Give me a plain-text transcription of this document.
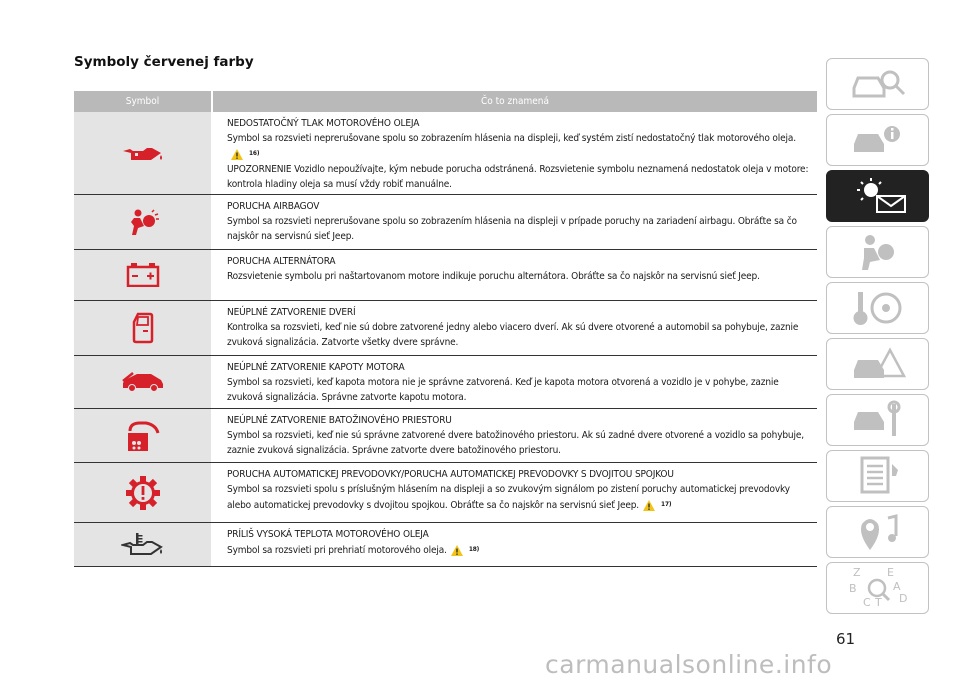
Symboly červenej farby
Symbol	Čo to znamená
NEDOSTATOČNÝ TLAK MOTOROVÉHO OLEJA
Symbol sa rozsvieti neprerušovane spolu so zobrazením hlásenia na displeji, keď systém zistí nedostatočný tlak motorového oleja.$^{16)}$
UPOZORNENIE Vozidlo nepoužívajte, kým nebude porucha odstránená. Rozsvietenie symbolu neznamená nedostatok oleja v motore: kontrola hladiny oleja sa musí vždy robiť manuálne.
PORUCHA AIRBAGOV
Symbol sa rozsvieti neprerušovane spolu so zobrazením hlásenia na displeji v prípade poruchy na zariadení airbagu. Obráťte sa čo najskôr na servisnú sieť Jeep.
PORUCHA ALTERNÁTORA
Rozsvietenie symbolu pri naštartovanom motore indikuje poruchu alternátora. Obráťte sa čo najskôr na servisnú sieť Jeep.
NEÚPLNÉ ZATVORENIE DVERÍ
Kontrolka sa rozsvieti, keď nie sú dobre zatvorené jedny alebo viacero dverí. Ak sú dvere otvorené a automobil sa pohybuje, zaznie zvuková signalizácia. Zatvorte všetky dvere správne.
NEÚPLNÉ ZATVORENIE KAPOTY MOTORA
Symbol sa rozsvieti, keď kapota motora nie je správne zatvorená. Keď je kapota motora otvorená a vozidlo je v pohybe, zaznie zvuková signalizácia. Správne zatvorte kapotu motora.
NEÚPLNÉ ZATVORENIE BATOŽINOVÉHO PRIESTORU
Symbol sa rozsvieti, keď nie sú správne zatvorené dvere batožinového priestoru. Ak sú zadné dvere otvorené a vozidlo sa pohybuje, zaznie zvuková signalizácia. Správne zatvorte dvere batožinového priestoru.
PORUCHA AUTOMATICKEJ PREVODOVKY/PORUCHA AUTOMATICKEJ PREVODOVKY S DVOJITOU SPOJKOU
Symbol sa rozsvieti spolu s príslušným hlásením na displeji a so zvukovým signálom po zistení poruchy automatickej prevodovky alebo automatickej prevodovky s dvojitou spojkou. Obráťte sa čo najskôr na servisnú sieť Jeep.	$^{17)}$
PRÍLIŠ VYSOKÁ TEPLOTA MOTOROVÉHO OLEJA
Symbol sa rozsvieti pri prehriatí motorového oleja.	$^{18)}$
Z E
B	A
C	D
T
61
carmanualsonline.info
